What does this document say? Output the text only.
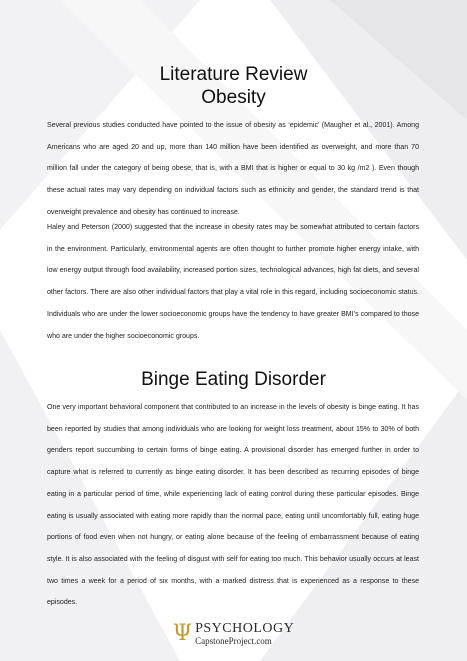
Literature Review
Obesity

Several previous studies conducted have pointed to the issue of obesity as ‘epidemic’ (Maugher et al., 2001). Among Americans who are aged 20 and up, more than 140 million have been identified as overweight, and more than 70 million fall under the category of being obese, that is, with a BMI that is higher or equal to 30 kg /m2 ). Even though these actual rates may vary depending on individual factors such as ethnicity and gender, the standard trend is that overweight prevalence and obesity has continued to increase.

Haley and Peterson (2000) suggested that the increase in obesity rates may be somewhat attributed to certain factors in the environment. Particularly, environmental agents are often thought to further promote higher energy intake, with low energy output through food availability, increased portion sizes, technological advances, high fat diets, and several other factors. There are also other individual factors that play a vital role in this regard, including socioeconomic status. Individuals who are under the lower socioeconomic groups have the tendency to have greater BMI’s compared to those who are under the higher socioeconomic groups.

Binge Eating Disorder

One very important behavioral component that contributed to an increase in the levels of obesity is binge eating. It has been reported by studies that among individuals who are looking for weight loss treatment, about 15% to 30% of both genders report succumbing to certain forms of binge eating. A provisional disorder has emerged further in order to capture what is referred to currently as binge eating disorder. It has been described as recurring episodes of binge eating in a particular period of time, while experiencing lack of eating control during these particular episodes. Binge eating is usually associated with eating more rapidly than the normal pace, eating until uncomfortably full, eating huge portions of food even when not hungry, or eating alone because of the feeling of embarrassment because of eating style. It is also associated with the feeling of disgust with self for eating too much. This behavior usually occurs at least two times a week for a period of six months, with a marked distress that is experienced as a response to these episodes.

Ψ PSYCHOLOGY
CapstoneProject.com
